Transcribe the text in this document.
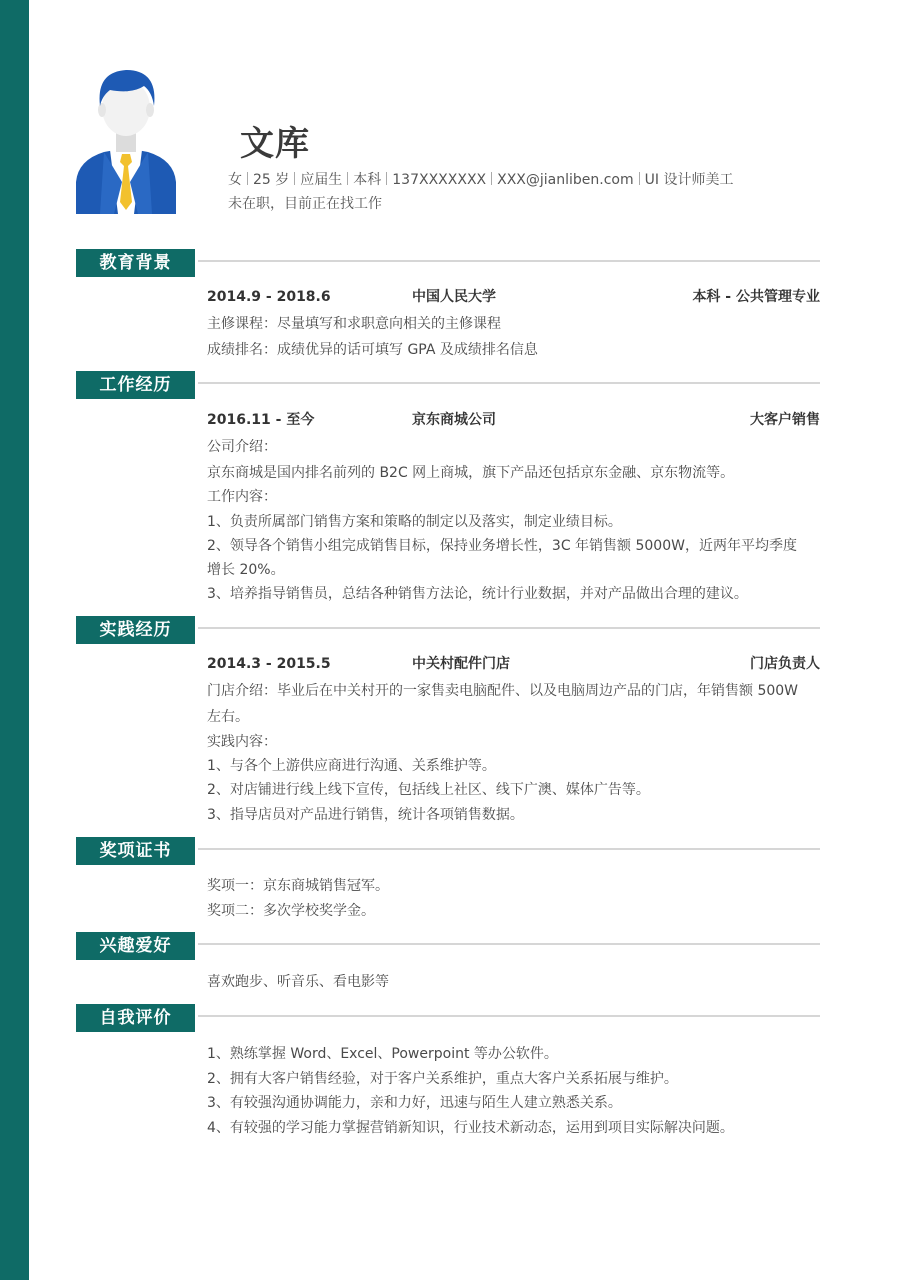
文库
女 25 岁 应届生 本科 137XXXXXXX XXX@jianliben.com UI 设计师美工
未在职，目前正在找工作
教育背景
2014.9 - 2018.6	中国人民大学	本科 - 公共管理专业
主修课程：尽量填写和求职意向相关的主修课程
成绩排名：成绩优异的话可填写 GPA 及成绩排名信息
工作经历
2016.11 - 至今	京东商城公司	大客户销售
公司介绍：
京东商城是国内排名前列的 B2C 网上商城，旗下产品还包括京东金融、京东物流等。
工作内容：
1、负责所属部门销售方案和策略的制定以及落实，制定业绩目标。
2、领导各个销售小组完成销售目标，保持业务增长性，3C 年销售额 5000W，近两年平均季度
增长 20%。
3、培养指导销售员，总结各种销售方法论，统计行业数据，并对产品做出合理的建议。
实践经历
2014.3 - 2015.5	中关村配件门店	门店负责人
门店介绍：毕业后在中关村开的一家售卖电脑配件、以及电脑周边产品的门店，年销售额 500W
左右。
实践内容：
1、与各个上游供应商进行沟通、关系维护等。
2、对店铺进行线上线下宣传，包括线上社区、线下广澳、媒体广告等。
3、指导店员对产品进行销售，统计各项销售数据。
奖项证书
奖项一：京东商城销售冠军。
奖项二：多次学校奖学金。
兴趣爱好
喜欢跑步、听音乐、看电影等
自我评价
1、熟练掌握 Word、Excel、Powerpoint 等办公软件。
2、拥有大客户销售经验，对于客户关系维护，重点大客户关系拓展与维护。
3、有较强沟通协调能力，亲和力好，迅速与陌生人建立熟悉关系。
4、有较强的学习能力掌握营销新知识，行业技术新动态，运用到项目实际解决问题。
